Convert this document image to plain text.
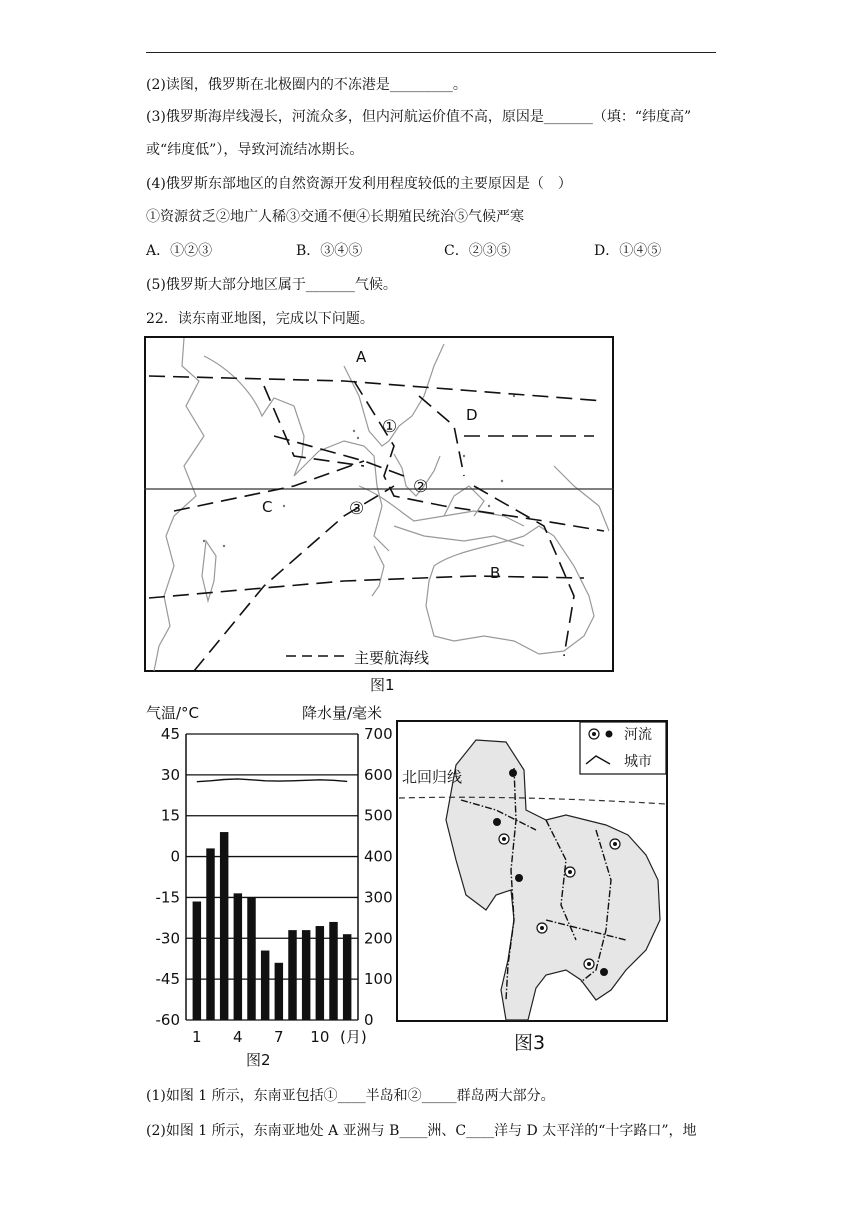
(2)读图，俄罗斯在北极圈内的不冻港是_________。
(3)俄罗斯海岸线漫长，河流众多，但内河航运价值不高，原因是_______（填：“纬度高”
或“纬度低”），导致河流结冰期长。
(4)俄罗斯东部地区的自然资源开发利用程度较低的主要原因是（　）
①资源贫乏②地广人稀③交通不便④长期殖民统治⑤气候严寒
A．①②③	B．③④⑤	C．②③⑤	D．①④⑤
(5)俄罗斯大部分地区属于_______气候。
22．读东南亚地图，完成以下问题。
A
D
C
B
①
②
③
主要航海线
图1
气温/°C	降水量/毫米
45	700
30	600
15	500
0	400
-15	300
-30	200
-45	100
-60	0
1 4 7 10 (月)
图2
北回归线
河流
城市
图3
(1)如图 1 所示，东南亚包括①____半岛和②_____群岛两大部分。
(2)如图 1 所示，东南亚地处 A 亚洲与 B____洲、C____洋与 D 太平洋的“十字路口”，地
